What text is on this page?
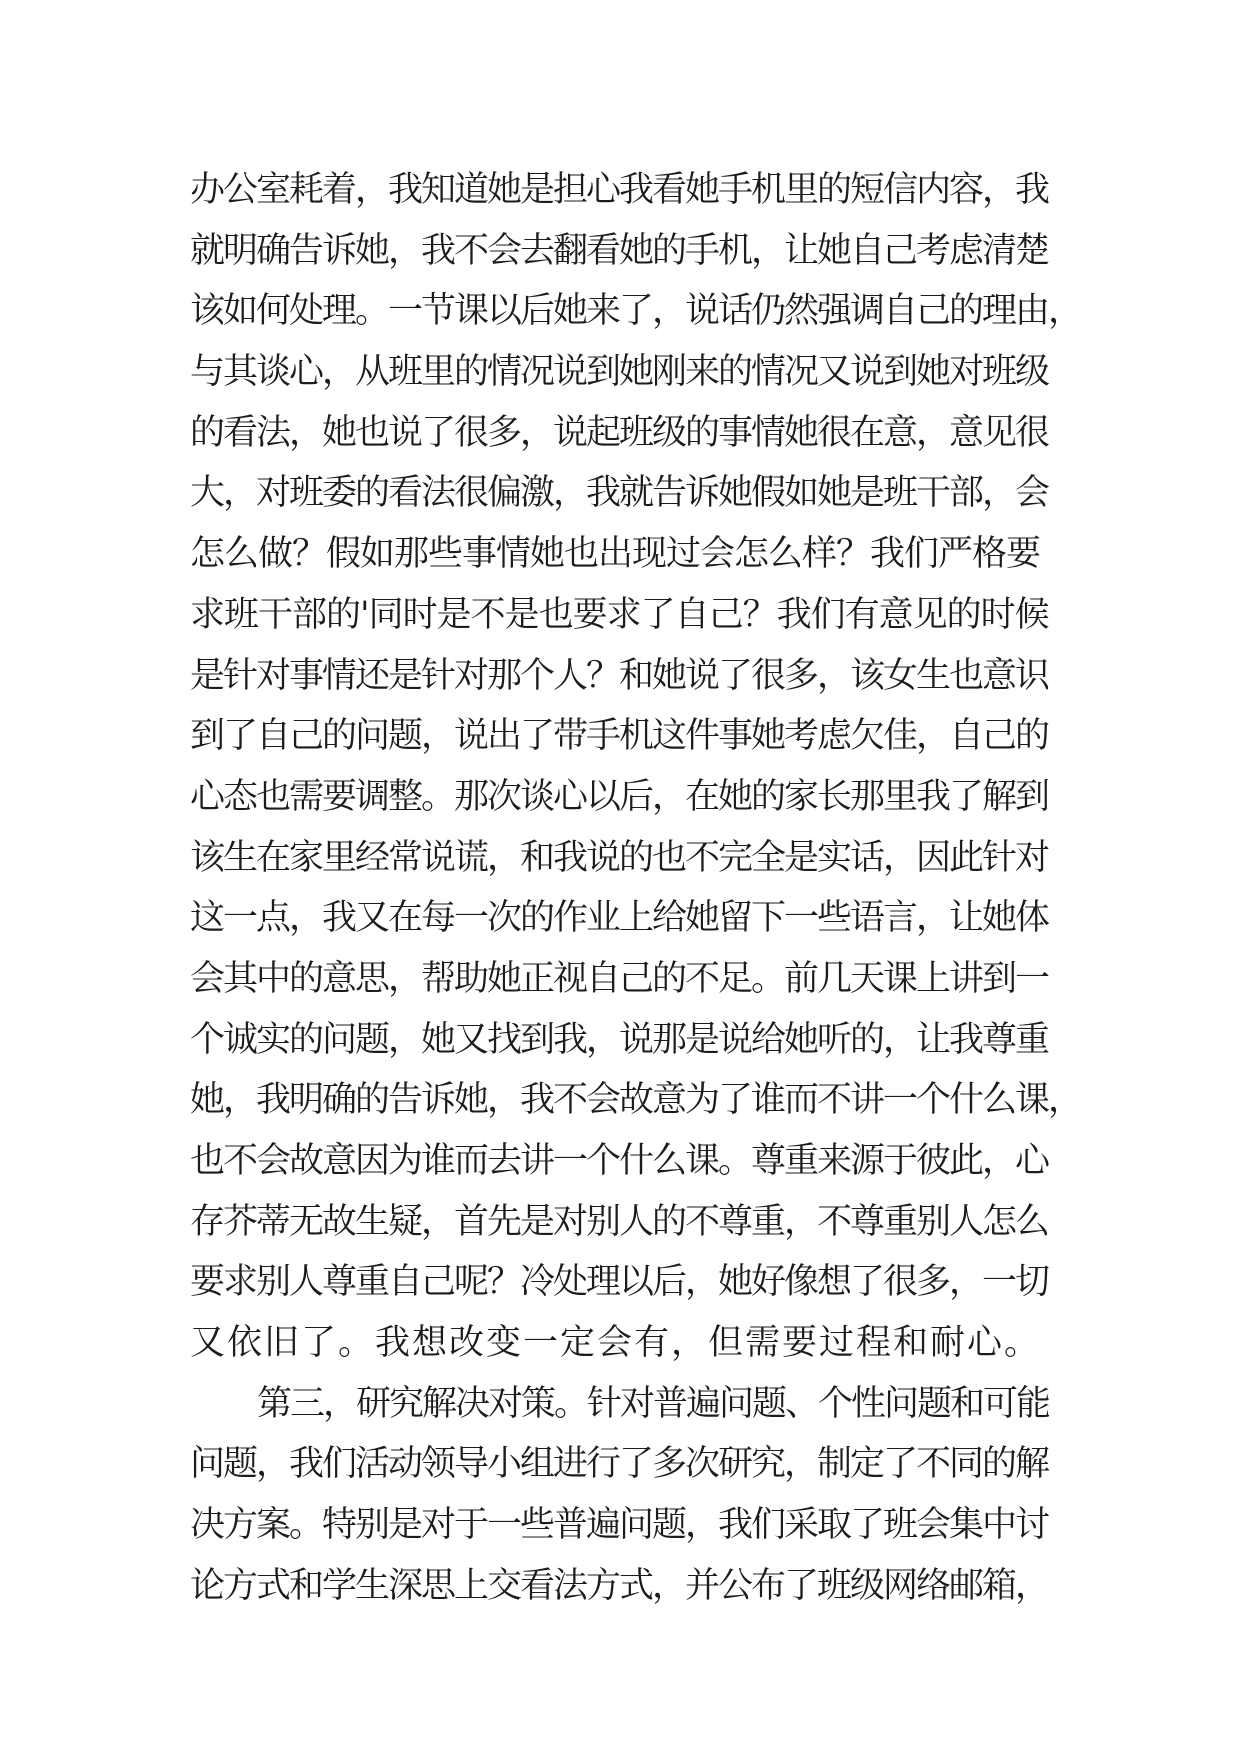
办公室耗着，我知道她是担心我看她手机里的短信内容，我
就明确告诉她，我不会去翻看她的手机，让她自己考虑清楚
该如何处理。一节课以后她来了，说话仍然强调自己的理由，
与其谈心，从班里的情况说到她刚来的情况又说到她对班级
的看法，她也说了很多，说起班级的事情她很在意，意见很
大，对班委的看法很偏激，我就告诉她假如她是班干部，会
怎么做？假如那些事情她也出现过会怎么样？我们严格要
求班干部的'同时是不是也要求了自己？我们有意见的时候
是针对事情还是针对那个人？和她说了很多，该女生也意识
到了自己的问题，说出了带手机这件事她考虑欠佳，自己的
心态也需要调整。那次谈心以后，在她的家长那里我了解到
该生在家里经常说谎，和我说的也不完全是实话，因此针对
这一点，我又在每一次的作业上给她留下一些语言，让她体
会其中的意思，帮助她正视自己的不足。前几天课上讲到一
个诚实的问题，她又找到我，说那是说给她听的，让我尊重
她，我明确的告诉她，我不会故意为了谁而不讲一个什么课，
也不会故意因为谁而去讲一个什么课。尊重来源于彼此，心
存芥蒂无故生疑，首先是对别人的不尊重，不尊重别人怎么
要求别人尊重自己呢？冷处理以后，她好像想了很多，一切
又依旧了。我想改变一定会有，但需要过程和耐心。
第三，研究解决对策。针对普遍问题、个性问题和可能
问题，我们活动领导小组进行了多次研究，制定了不同的解
决方案。特别是对于一些普遍问题，我们采取了班会集中讨
论方式和学生深思上交看法方式，并公布了班级网络邮箱，
